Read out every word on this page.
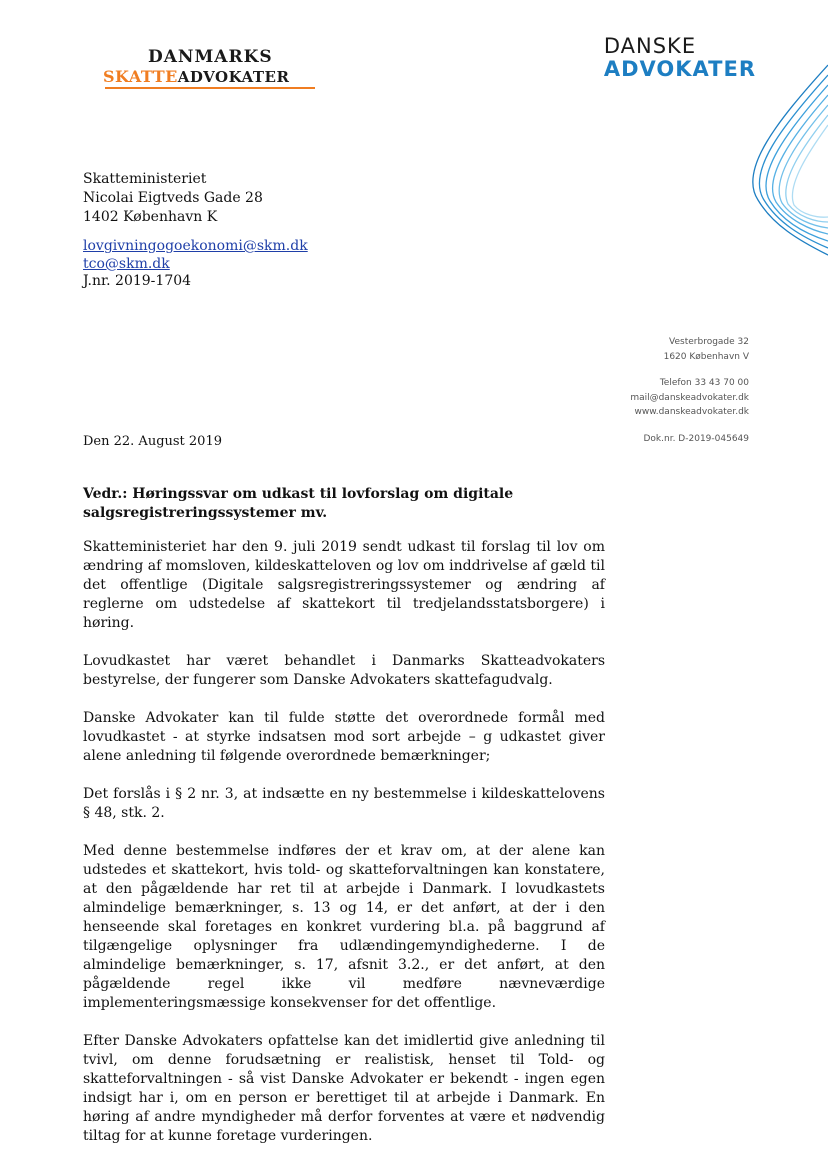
DANMARKS
SKATTEADVOKATER
DANSKE
ADVOKATER
Skatteministeriet
Nicolai Eigtveds Gade 28
1402 København K
lovgivningogoekonomi@skm.dk
tco@skm.dk
J.nr. 2019-1704
Vesterbrogade 32
1620 København V
Telefon 33 43 70 00
mail@danskeadvokater.dk
www.danskeadvokater.dk
Dok.nr. D-2019-045649
Den 22. August 2019
Vedr.: Høringssvar om udkast til lovforslag om digitale salgsregistreringssystemer mv.

Skatteministeriet har den 9. juli 2019 sendt udkast til forslag til lov om ændring af momsloven, kildeskatteloven og lov om inddrivelse af gæld til det offentlige (Digitale salgsregistreringssystemer og ændring af reglerne om udstedelse af skattekort til tredjelandsstatsborgere) i høring.

Lovudkastet har været behandlet i Danmarks Skatteadvokaters bestyrelse, der fungerer som Danske Advokaters skattefagudvalg.

Danske Advokater kan til fulde støtte det overordnede formål med lovudkastet - at styrke indsatsen mod sort arbejde – g udkastet giver alene anledning til følgende overordnede bemærkninger;

Det forslås i § 2 nr. 3, at indsætte en ny bestemmelse i kildeskattelovens § 48, stk. 2.

Med denne bestemmelse indføres der et krav om, at der alene kan udstedes et skattekort, hvis told- og skatteforvaltningen kan konstatere, at den pågældende har ret til at arbejde i Danmark. I lovudkastets almindelige bemærkninger, s. 13 og 14, er det anført, at der i den henseende skal foretages en konkret vurdering bl.a. på baggrund af tilgængelige oplysninger fra udlændingemyndighederne. I de almindelige bemærkninger, s. 17, afsnit 3.2., er det anført, at den pågældende regel ikke vil medføre nævneværdige implementeringsmæssige konsekvenser for det offentlige.

Efter Danske Advokaters opfattelse kan det imidlertid give anledning til tvivl, om denne forudsætning er realistisk, henset til Told- og skatteforvaltningen - så vist Danske Advokater er bekendt - ingen egen indsigt har i, om en person er berettiget til at arbejde i Danmark. En høring af andre myndigheder må derfor forventes at være et nødvendig tiltag for at kunne foretage vurderingen.
